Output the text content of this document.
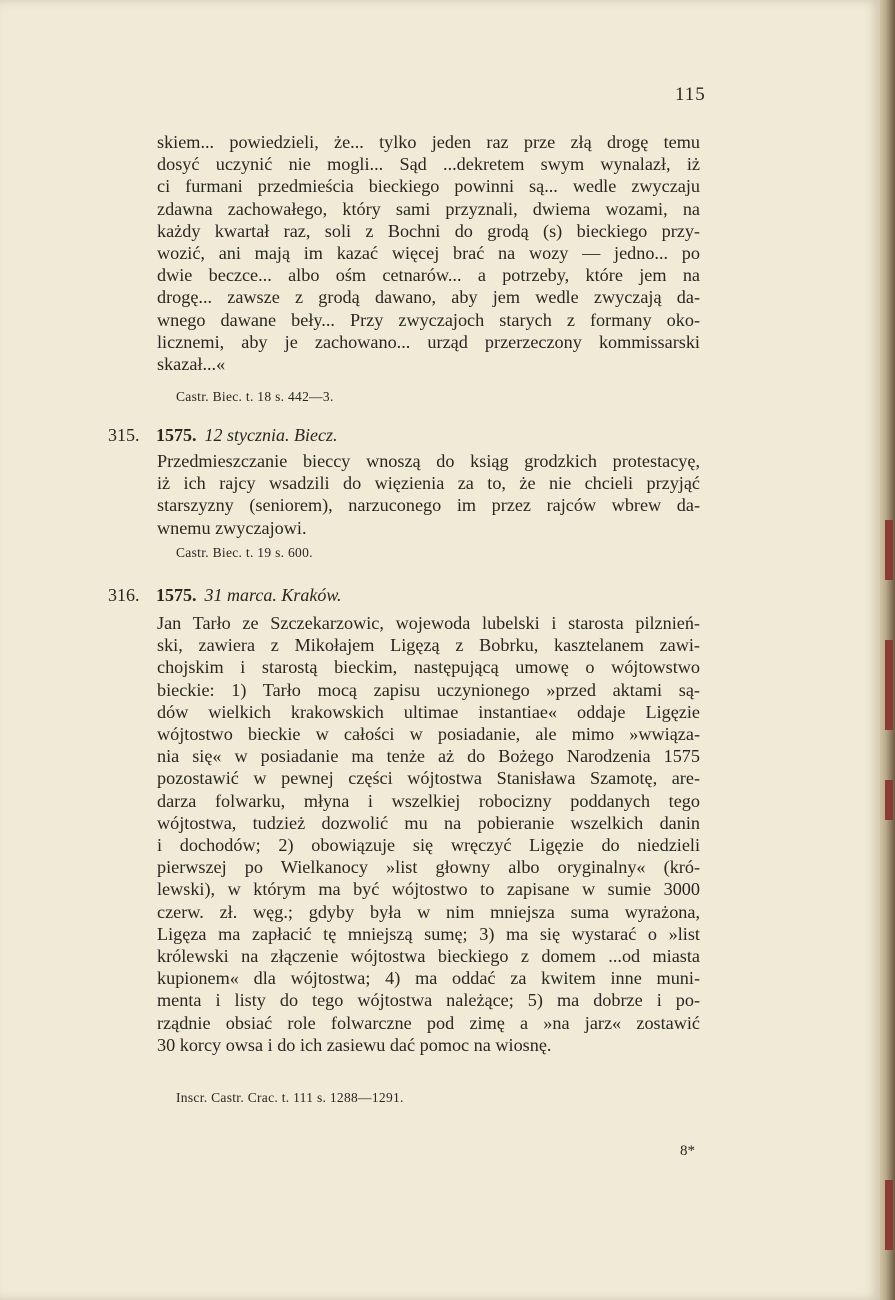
115
skiem... powiedzieli, że... tylko jeden raz prze złą drogę temu
dosyć uczynić nie mogli... Sąd ...dekretem swym wynalazł, iż
ci furmani przedmieścia bieckiego powinni są... wedle zwyczaju
zdawna zachowałego, który sami przyznali, dwiema wozami, na
każdy kwartał raz, soli z Bochni do grodą (s) bieckiego przy-
wozić, ani mają im kazać więcej brać na wozy — jedno... po
dwie beczce... albo ośm cetnarów... a potrzeby, które jem na
drogę... zawsze z grodą dawano, aby jem wedle zwyczają da-
wnego dawane beły... Przy zwyczajoch starych z formany oko-
licznemi, aby je zachowano... urząd przerzeczony kommissarski
skazał...«
Castr. Biec. t. 18 s. 442—3.
315. 1575. 12 stycznia. Biecz.
Przedmieszczanie bieccy wnoszą do ksiąg grodzkich protestacyę,
iż ich rajcy wsadzili do więzienia za to, że nie chcieli przyjąć
starszyzny (seniorem), narzuconego im przez rajców wbrew da-
wnemu zwyczajowi.
Castr. Biec. t. 19 s. 600.
316. 1575. 31 marca. Kraków.
Jan Tarło ze Szczekarzowic, wojewoda lubelski i starosta pilznień-
ski, zawiera z Mikołajem Ligęzą z Bobrku, kasztelanem zawi-
chojskim i starostą bieckim, następującą umowę o wójtowstwo
bieckie: 1) Tarło mocą zapisu uczynionego »przed aktami są-
dów wielkich krakowskich ultimae instantiae« oddaje Ligęzie
wójtostwo bieckie w całości w posiadanie, ale mimo »wwiąza-
nia się« w posiadanie ma tenże aż do Bożego Narodzenia 1575
pozostawić w pewnej części wójtostwa Stanisława Szamotę, are-
darza folwarku, młyna i wszelkiej robocizny poddanych tego
wójtostwa, tudzież dozwolić mu na pobieranie wszelkich danin
i dochodów; 2) obowiązuje się wręczyć Ligęzie do niedzieli
pierwszej po Wielkanocy »list głowny albo oryginalny« (kró-
lewski), w którym ma być wójtostwo to zapisane w sumie 3000
czerw. zł. węg.; gdyby była w nim mniejsza suma wyrażona,
Ligęza ma zapłacić tę mniejszą sumę; 3) ma się wystarać o »list
królewski na złączenie wójtostwa bieckiego z domem ...od miasta
kupionem« dla wójtostwa; 4) ma oddać za kwitem inne muni-
menta i listy do tego wójtostwa należące; 5) ma dobrze i po-
rządnie obsiać role folwarczne pod zimę a »na jarz« zostawić
30 korcy owsa i do ich zasiewu dać pomoc na wiosnę.
Inscr. Castr. Crac. t. 111 s. 1288—1291.
8*
